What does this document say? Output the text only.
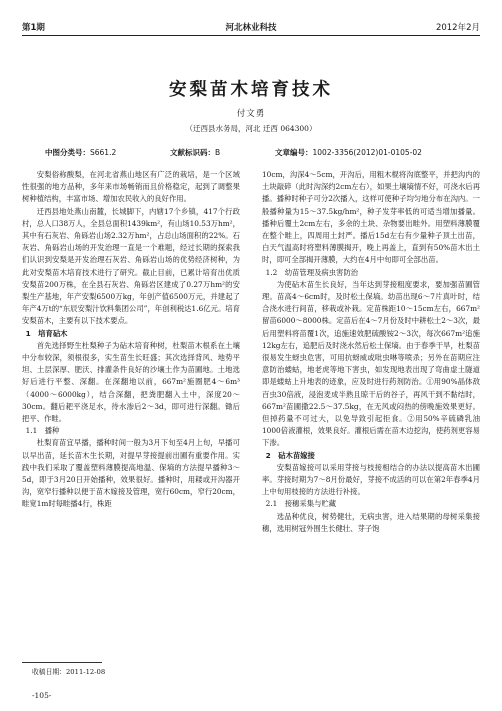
第1期	河北林业科技	2012年2月
安梨苗木培育技术
付文勇
（迁西县水务局，河北 迁西 064300）
中图分类号：S661.2	文献标识码：B	文章编号：1002-3356(2012)01-0105-02

安梨俗称酸梨，在河北省燕山地区有广泛的栽培，是一个区域性很强的地方品种，多年来市场畅销而且价格稳定，起到了调整果树种植结构，丰富市场、增加农民收入的良好作用。

迁西县地处燕山南麓，长城脚下，内辖17个乡镇，417个行政村，总人口38万人，全县总面积1439km²，有山场10.53万hm²，其中有石灰岩、角砾岩山场2.32万hm²，占总山场面积的22%。石灰岩、角砾岩山场的开发治理一直是一个难题，经过长期的探索我们认识到安梨是开发治理石灰岩、角砾岩山场的优势经济树种，为此对安梨苗木培育技术进行了研究。截止目前，已累计培育出优质安梨苗200万株，在全县石灰岩、角砾岩区建成了0.27万hm²的安梨生产基地，年产安梨6500万kg，年创产值6500万元，并建起了年产4万t的“东辰安梨汁饮料集团公司”，年创利税达1.6亿元。培育安梨苗木，主要有以下技术要点。

1　培育砧木

首先选择野生杜梨种子为砧木培育种树，杜梨苗木根系在土壤中分布较深，须根很多，实生苗生长旺盛；其次选择背风、地势平坦、土层深厚、肥沃、排灌条件良好的沙壤土作为苗圃地。土地选好后进行平整、深翻。在深翻地以前，667m²施圈肥4～6m³（4000～6000kg），结合深翻，把粪肥翻入土中，深度20～30cm。翻后耙平浇足水，待水渗后2～3d，即可进行深翻。锄后把平、作畦。

1.1　播种

杜梨育苗宜早播，播种时间一般为3月下旬至4月上旬，早播可以早出苗，延长苗木生长期，对提早芽接提前出圃有重要作用。实践中我们采取了覆盖塑料薄膜提高地温、保墒的方法提早播种3～5d，即于3月20日开始播种，效果很好。播种时，用耧或开沟器开沟，宽窄行播种以便于苗木嫁接及管理，宽行60cm，窄行20cm，畦宽1m时每畦播4行，株距

10cm，沟深4～5cm，开沟后，用粗木棍将沟底整平，并把沟内的土块敲碎（此时沟深约2cm左右），如果土壤墒情不好，可浇水后再播。播种时种子可分2次播入，这样可使种子均匀地分布在沟内。一般播种量为15～37.5kg/hm²，种子发芽率低的可适当增加播量。播种后覆土2cm左右，多余的土块、杂物要出畦外。用塑料薄膜覆在整个畦上，四周用土封严。播后15d左右有少量种子顶土出苗，白天气温高时将塑料薄膜揭开，晚上再盖上，直到有50%苗木出土时，即可全部揭开薄膜，大约在4月中旬即可全部出苗。

1.2　幼苗管理及病虫害防治

为使砧木苗生长良好，当年达到芽接粗度要求，要加强苗圃管理。苗高4～6cm时，及时松土保墒。幼苗出现6～7片真叶时，结合浇水进行间苗，移栽或补栽。定苗株距10～15cm左右，667m²留苗6000～8000株。定苗后在4～7月份及时中耕松土2～3次，最后用塑料将苗覆1次，追施速效肥硫酸铵2～3次，每次667m²追施12kg左右，追肥后及时浇水然后松土保墒。由于春季干旱，杜梨苗很易发生蚜虫危害，可用抗蚜威或吡虫啉等喷杀；另外在苗期应注意防治蝼蛄，地老虎等地下害虫，如发现地表出现了弯曲虚土隧道即是蝼蛄上升地表的迹象，应及时进行药剂防治。①用90%晶体敌百虫30倍液，浸泡麦成半熟且晾干后的谷子，再风干到不黏结时，667m²苗圃撒22.5～37.5kg，在无风或闷热的傍晚施效果更好。但掉药量不可过大，以免导致引起拒食。②用50%辛硫磷乳油1000倍液灌根，效果良好。灌根后需在苗木边挖沟，使药剂更容易下渗。

2　砧木苗嫁接

安梨苗嫁接可以采用芽接与枝接相结合的办法以提高苗木出圃率。芽接时期为7～8月份最好，芽接不成活的可以在第2年春季4月上中旬用枝接的方法进行补接。

2.1　接穗采集与贮藏

选品种优良，树势健壮，无病虫害，进入结果期的母树采集接穗，选用树冠外围生长健壮、芽子饱

收稿日期：2011-12-08
-105-
